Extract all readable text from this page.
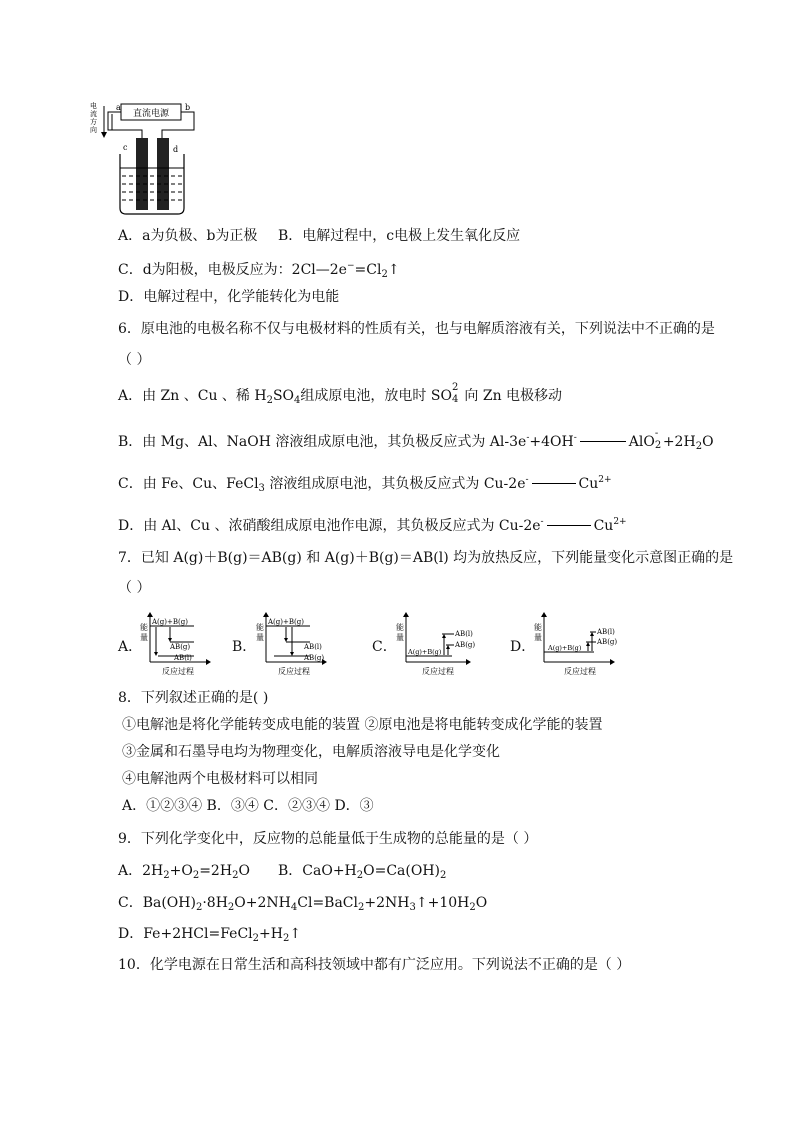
直流电源
a	b
电
流
方
向
c	d
A．a为负极、b为正极 B．电解过程中，c电极上发生氧化反应
C．d为阳极，电极反应为：$2Cl—2e^-=Cl_2↑$
D．电解过程中，化学能转化为电能
6．原电池的电极名称不仅与电极材料的性质有关，也与电解质溶液有关，下列说法中不正确的是
（ ）
A．由 Zn 、Cu 、稀 $H_2SO_4$组成原电池，放电时 SO
2
4 向 Zn 电极移动
B．由 Mg、Al、NaOH 溶液组成原电池，其负极反应式为 Al-3e-+4OH-	AlO
-
$2 +2H_2O$
C．由 Fe、Cu、FeCl$_3$ 溶液组成原电池，其负极反应式为 Cu-2e-	$Cu^{2+}$
D．由 Al、Cu 、浓硝酸组成原电池作电源，其负极反应式为 Cu-2e-	$Cu^{2+}$
7．已知 A(g)＋B(g)＝AB(g) 和 A(g)＋B(g)＝AB(l) 均为放热反应，下列能量变化示意图正确的是
（ ）
A．	B．	C．	D．
能
量
A(g)+B(g)
AB(g)
AB(l)
反应过程
能
量
A(g)+B(g)
AB(l)
AB(g)
反应过程
能
量
A(g)+B(g)
AB(g)
AB(l)
反应过程
能
量
A(g)+B(g)
AB(g)
AB(l)
反应过程
8．下列叙述正确的是( )
①电解池是将化学能转变成电能的装置 ②原电池是将电能转变成化学能的装置
③金属和石墨导电均为物理变化，电解质溶液导电是化学变化
④电解池两个电极材料可以相同
A．①②③④ B．③④ C．②③④ D．③
9．下列化学变化中，反应物的总能量低于生成物的总能量的是（ ）
A．$2H_2+O_2=2H_2O$ B．$CaO+H_2O=Ca(OH)_2$
C．$Ba(OH)_2\cdot 8H_2O+2NH_4Cl=BaCl_2+2NH_3↑+10H_2O$
D．$Fe+2HCl=FeCl_2+H_2↑$
10．化学电源在日常生活和高科技领域中都有广泛应用。下列说法不正确的是（ ）
